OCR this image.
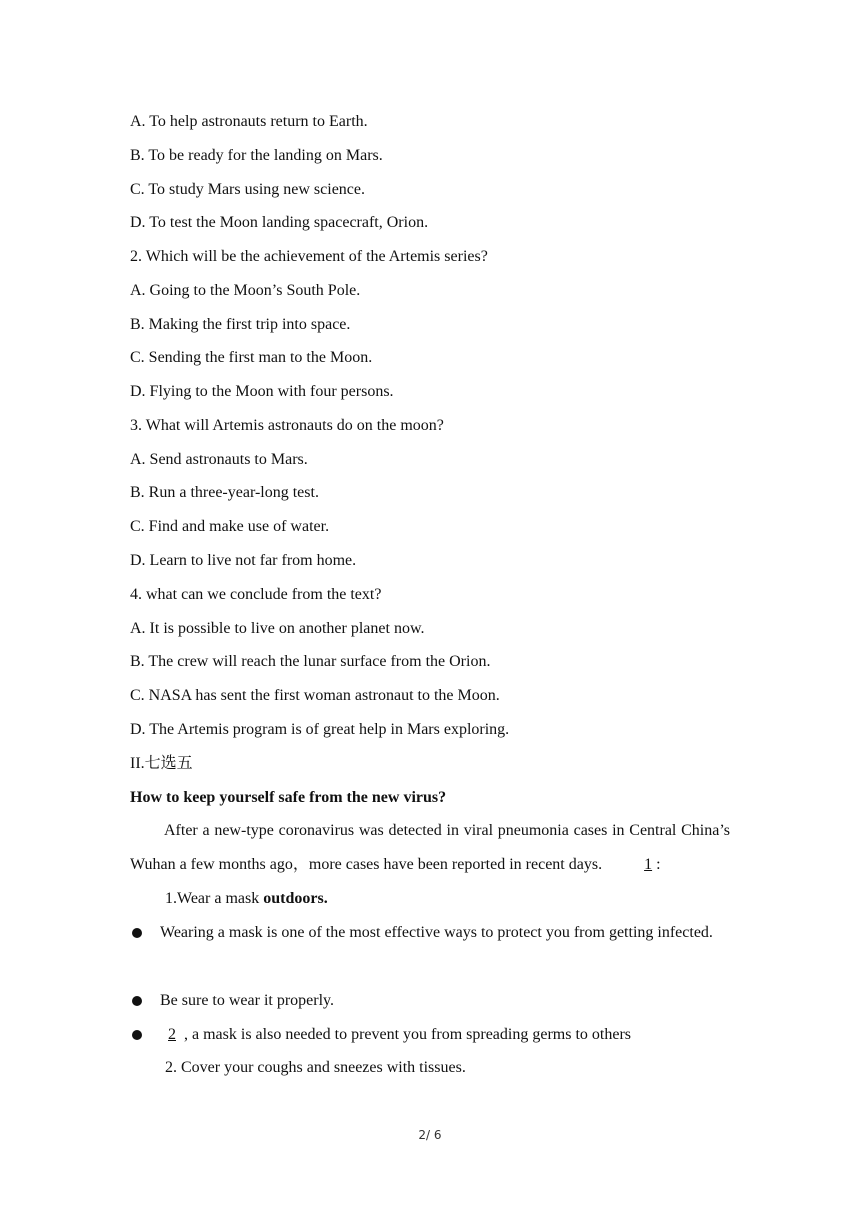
A. To help astronauts return to Earth.
B. To be ready for the landing on Mars.
C. To study Mars using new science.
D. To test the Moon landing spacecraft, Orion.
2. Which will be the achievement of the Artemis series?
A. Going to the Moon’s South Pole.
B. Making the first trip into space.
C. Sending the first man to the Moon.
D. Flying to the Moon with four persons.
3. What will Artemis astronauts do on the moon?
A. Send astronauts to Mars.
B. Run a three-year-long test.
C. Find and make use of water.
D. Learn to live not far from home.
4. what can we conclude from the text?
A. It is possible to live on another planet now.
B. The crew will reach the lunar surface from the Orion.
C. NASA has sent the first woman astronaut to the Moon.
D. The Artemis program is of great help in Mars exploring.
II.七选五
How to keep yourself safe from the new virus?
After a new-type coronavirus was detected in viral pneumonia cases in Central China’s Wuhan a few months ago，more cases have been reported in recent days.	1 :
1.Wear a mask outdoors.
Wearing a mask is one of the most effective ways to protect you from getting infected.
Be sure to wear it properly.
2 , a mask is also needed to prevent you from spreading germs to others
2. Cover your coughs and sneezes with tissues.
2/ 6
